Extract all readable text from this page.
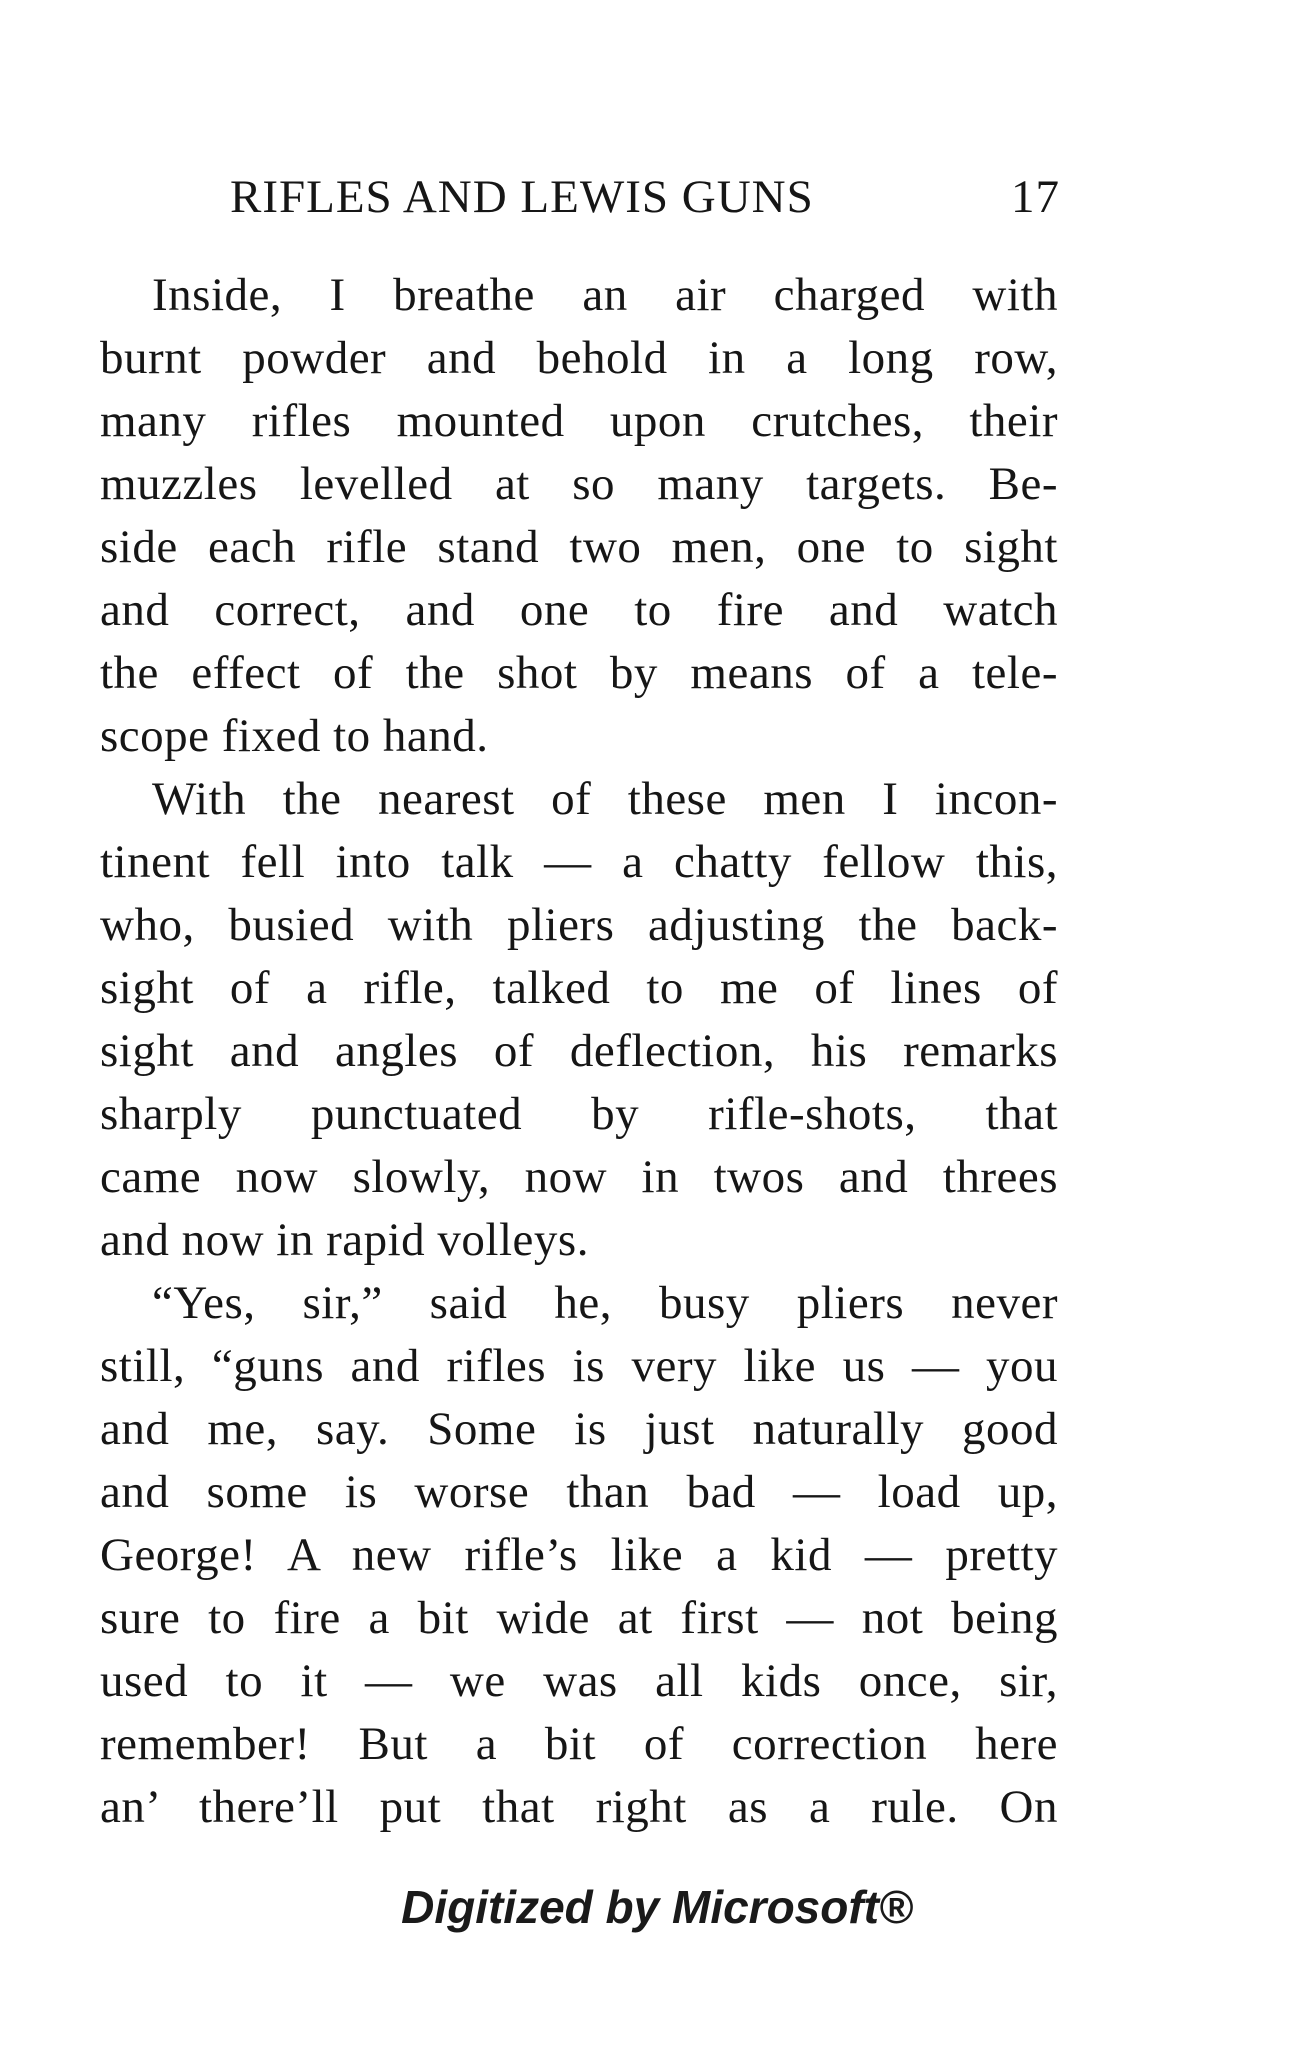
RIFLES AND LEWIS GUNS	17

Inside, I breathe an air charged with
burnt powder and behold in a long row,
many rifles mounted upon crutches, their
muzzles levelled at so many targets. Be-
side each rifle stand two men, one to sight
and correct, and one to fire and watch
the effect of the shot by means of a tele-
scope fixed to hand.

With the nearest of these men I incon-
tinent fell into talk — a chatty fellow this,
who, busied with pliers adjusting the back-
sight of a rifle, talked to me of lines of
sight and angles of deflection, his remarks
sharply punctuated by rifle-shots, that
came now slowly, now in twos and threes
and now in rapid volleys.

“Yes, sir,” said he, busy pliers never
still, “guns and rifles is very like us — you
and me, say. Some is just naturally good
and some is worse than bad — load up,
George! A new rifle’s like a kid — pretty
sure to fire a bit wide at first — not being
used to it — we was all kids once, sir,
remember! But a bit of correction here
an’ there’ll put that right as a rule. On

Digitized by Microsoft®
